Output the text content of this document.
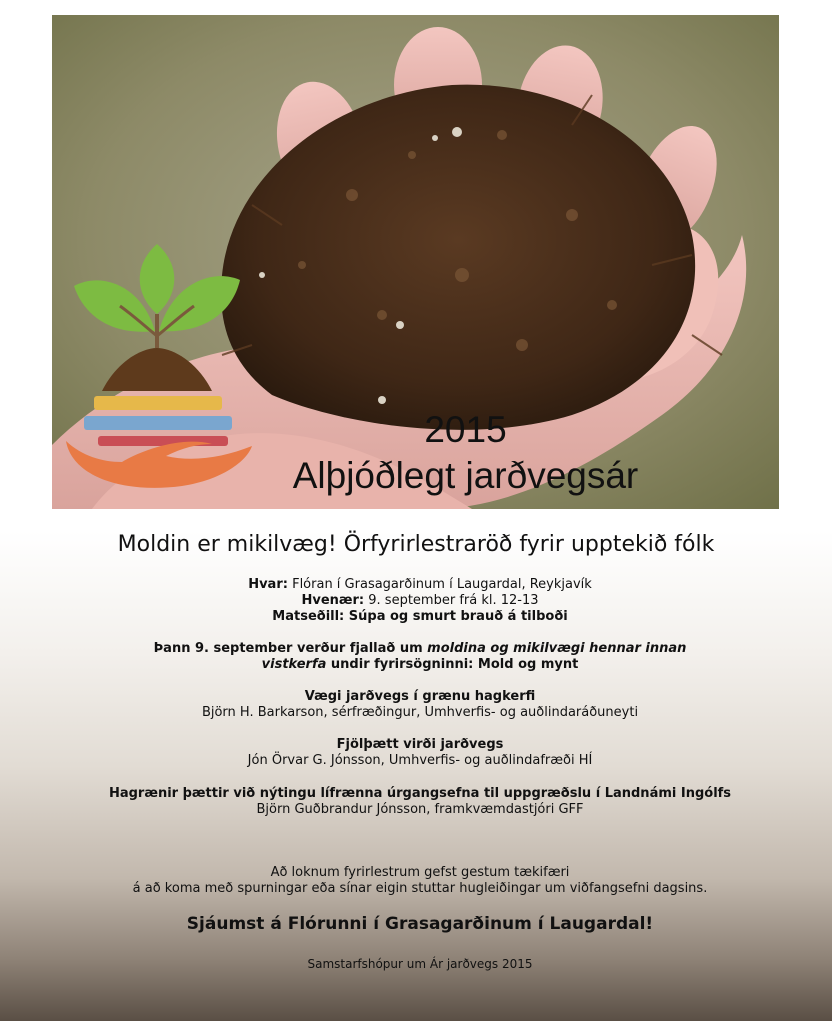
2015

Alþjóðlegt jarðvegsár

Moldin er mikilvæg! Örfyrirlestraröð fyrir upptekið fólk

Hvar: Flóran í Grasagarðinum í Laugardal, Reykjavík
Hvenær: 9. september frá kl. 12-13
Matseðill: Súpa og smurt brauð á tilboði
Þann 9. september verður fjallað um moldina og mikilvægi hennar innan
vistkerfa undir fyrirsögninni: Mold og mynt
Vægi jarðvegs í grænu hagkerfi
Björn H. Barkarson, sérfræðingur, Umhverfis- og auðlindaráðuneyti
Fjölþætt virði jarðvegs
Jón Örvar G. Jónsson, Umhverfis- og auðlindafræði HÍ
Hagrænir þættir við nýtingu lífrænna úrgangsefna til uppgræðslu í Landnámi Ingólfs
Björn Guðbrandur Jónsson, framkvæmdastjóri GFF
Að loknum fyrirlestrum gefst gestum tækifæri
á að koma með spurningar eða sínar eigin stuttar hugleiðingar um viðfangsefni dagsins.

Sjáumst á Flórunni í Grasagarðinum í Laugardal!

Samstarfshópur um Ár jarðvegs 2015
